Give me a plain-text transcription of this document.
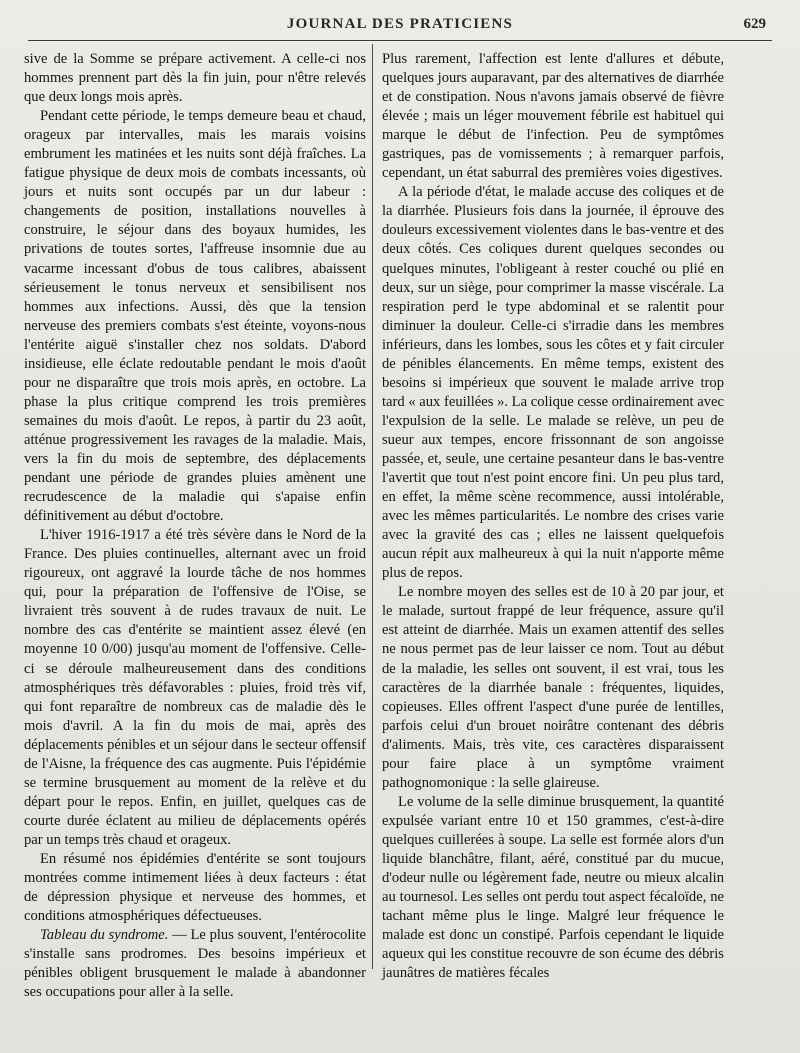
JOURNAL DES PRATICIENS	629

sive de la Somme se prépare activement. A celle-ci nos hommes prennent part dès la fin juin, pour n'être relevés que deux longs mois après.

Pendant cette période, le temps demeure beau et chaud, orageux par intervalles, mais les marais voisins embrument les matinées et les nuits sont déjà fraîches. La fatigue physique de deux mois de combats incessants, où jours et nuits sont occupés par un dur labeur : changements de position, installations nouvelles à construire, le séjour dans des boyaux humides, les privations de toutes sortes, l'affreuse insomnie due au vacarme incessant d'obus de tous calibres, abaissent sérieusement le tonus nerveux et sensibilisent nos hommes aux infections. Aussi, dès que la tension nerveuse des premiers combats s'est éteinte, voyons-nous l'entérite aiguë s'installer chez nos soldats. D'abord insidieuse, elle éclate redoutable pendant le mois d'août pour ne disparaître que trois mois après, en octobre. La phase la plus critique comprend les trois premières semaines du mois d'août. Le repos, à partir du 23 août, atténue progressivement les ravages de la maladie. Mais, vers la fin du mois de septembre, des déplacements pendant une période de grandes pluies amènent une recrudescence de la maladie qui s'apaise enfin définitivement au début d'octobre.

L'hiver 1916-1917 a été très sévère dans le Nord de la France. Des pluies continuelles, alternant avec un froid rigoureux, ont aggravé la lourde tâche de nos hommes qui, pour la préparation de l'offensive de l'Oise, se livraient très souvent à de rudes travaux de nuit. Le nombre des cas d'entérite se maintient assez élevé (en moyenne 10 0/00) jusqu'au moment de l'offensive. Celle-ci se déroule malheureusement dans des conditions atmosphériques très défavorables : pluies, froid très vif, qui font reparaître de nombreux cas de maladie dès le mois d'avril. A la fin du mois de mai, après des déplacements pénibles et un séjour dans le secteur offensif de l'Aisne, la fréquence des cas augmente. Puis l'épidémie se termine brusquement au moment de la relève et du départ pour le repos. Enfin, en juillet, quelques cas de courte durée éclatent au milieu de déplacements opérés par un temps très chaud et orageux.

En résumé nos épidémies d'entérite se sont toujours montrées comme intimement liées à deux facteurs : état de dépression physique et nerveuse des hommes, et conditions atmosphériques défectueuses.

Tableau du syndrome. — Le plus souvent, l'entérocolite s'installe sans prodromes. Des besoins impérieux et pénibles obligent brusquement le malade à abandonner ses occupations pour aller à la selle.

Plus rarement, l'affection est lente d'allures et débute, quelques jours auparavant, par des alternatives de diarrhée et de constipation. Nous n'avons jamais observé de fièvre élevée ; mais un léger mouvement fébrile est habituel qui marque le début de l'infection. Peu de symptômes gastriques, pas de vomissements ; à remarquer parfois, cependant, un état saburral des premières voies digestives.

A la période d'état, le malade accuse des coliques et de la diarrhée. Plusieurs fois dans la journée, il éprouve des douleurs excessivement violentes dans le bas-ventre et des deux côtés. Ces coliques durent quelques secondes ou quelques minutes, l'obligeant à rester couché ou plié en deux, sur un siège, pour comprimer la masse viscérale. La respiration perd le type abdominal et se ralentit pour diminuer la douleur. Celle-ci s'irradie dans les membres inférieurs, dans les lombes, sous les côtes et y fait circuler de pénibles élancements. En même temps, existent des besoins si impérieux que souvent le malade arrive trop tard « aux feuillées ». La colique cesse ordinairement avec l'expulsion de la selle. Le malade se relève, un peu de sueur aux tempes, encore frissonnant de son angoisse passée, et, seule, une certaine pesanteur dans le bas-ventre l'avertit que tout n'est point encore fini. Un peu plus tard, en effet, la même scène recommence, aussi intolérable, avec les mêmes particularités. Le nombre des crises varie avec la gravité des cas ; elles ne laissent quelquefois aucun répit aux malheureux à qui la nuit n'apporte même plus de repos.

Le nombre moyen des selles est de 10 à 20 par jour, et le malade, surtout frappé de leur fréquence, assure qu'il est atteint de diarrhée. Mais un examen attentif des selles ne nous permet pas de leur laisser ce nom. Tout au début de la maladie, les selles ont souvent, il est vrai, tous les caractères de la diarrhée banale : fréquentes, liquides, copieuses. Elles offrent l'aspect d'une purée de lentilles, parfois celui d'un brouet noirâtre contenant des débris d'aliments. Mais, très vite, ces caractères disparaissent pour faire place à un symptôme vraiment pathognomonique : la selle glaireuse.

Le volume de la selle diminue brusquement, la quantité expulsée variant entre 10 et 150 grammes, c'est-à-dire quelques cuillerées à soupe. La selle est formée alors d'un liquide blanchâtre, filant, aéré, constitué par du mucue, d'odeur nulle ou légèrement fade, neutre ou mieux alcalin au tournesol. Les selles ont perdu tout aspect fécaloïde, ne tachant même plus le linge. Malgré leur fréquence le malade est donc un constipé. Parfois cependant le liquide aqueux qui les constitue recouvre de son écume des débris jaunâtres de matières fécales
